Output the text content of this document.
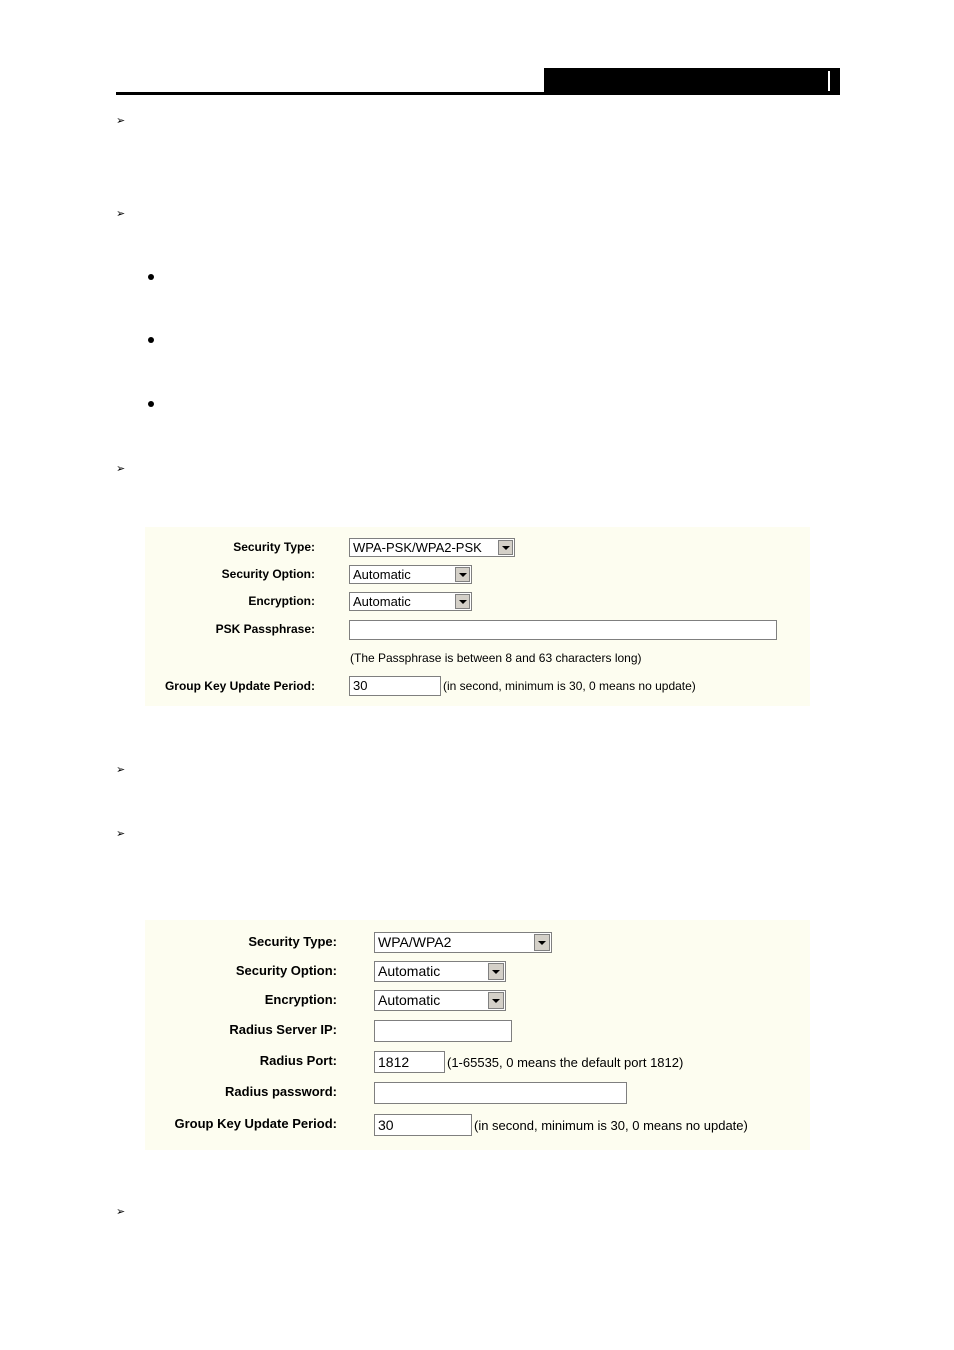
➢
➢
➢
➢
➢
➢
Security Type:	WPA-PSK/WPA2-PSK
Security Option:	Automatic
Encryption:	Automatic
PSK Passphrase:
(The Passphrase is between 8 and 63 characters long)
Group Key Update Period:	30	(in second, minimum is 30, 0 means no update)
Security Type:	WPA/WPA2
Security Option:	Automatic
Encryption:	Automatic
Radius Server IP:
Radius Port:	1812	(1-65535, 0 means the default port 1812)
Radius password:
Group Key Update Period:	30	(in second, minimum is 30, 0 means no update)
